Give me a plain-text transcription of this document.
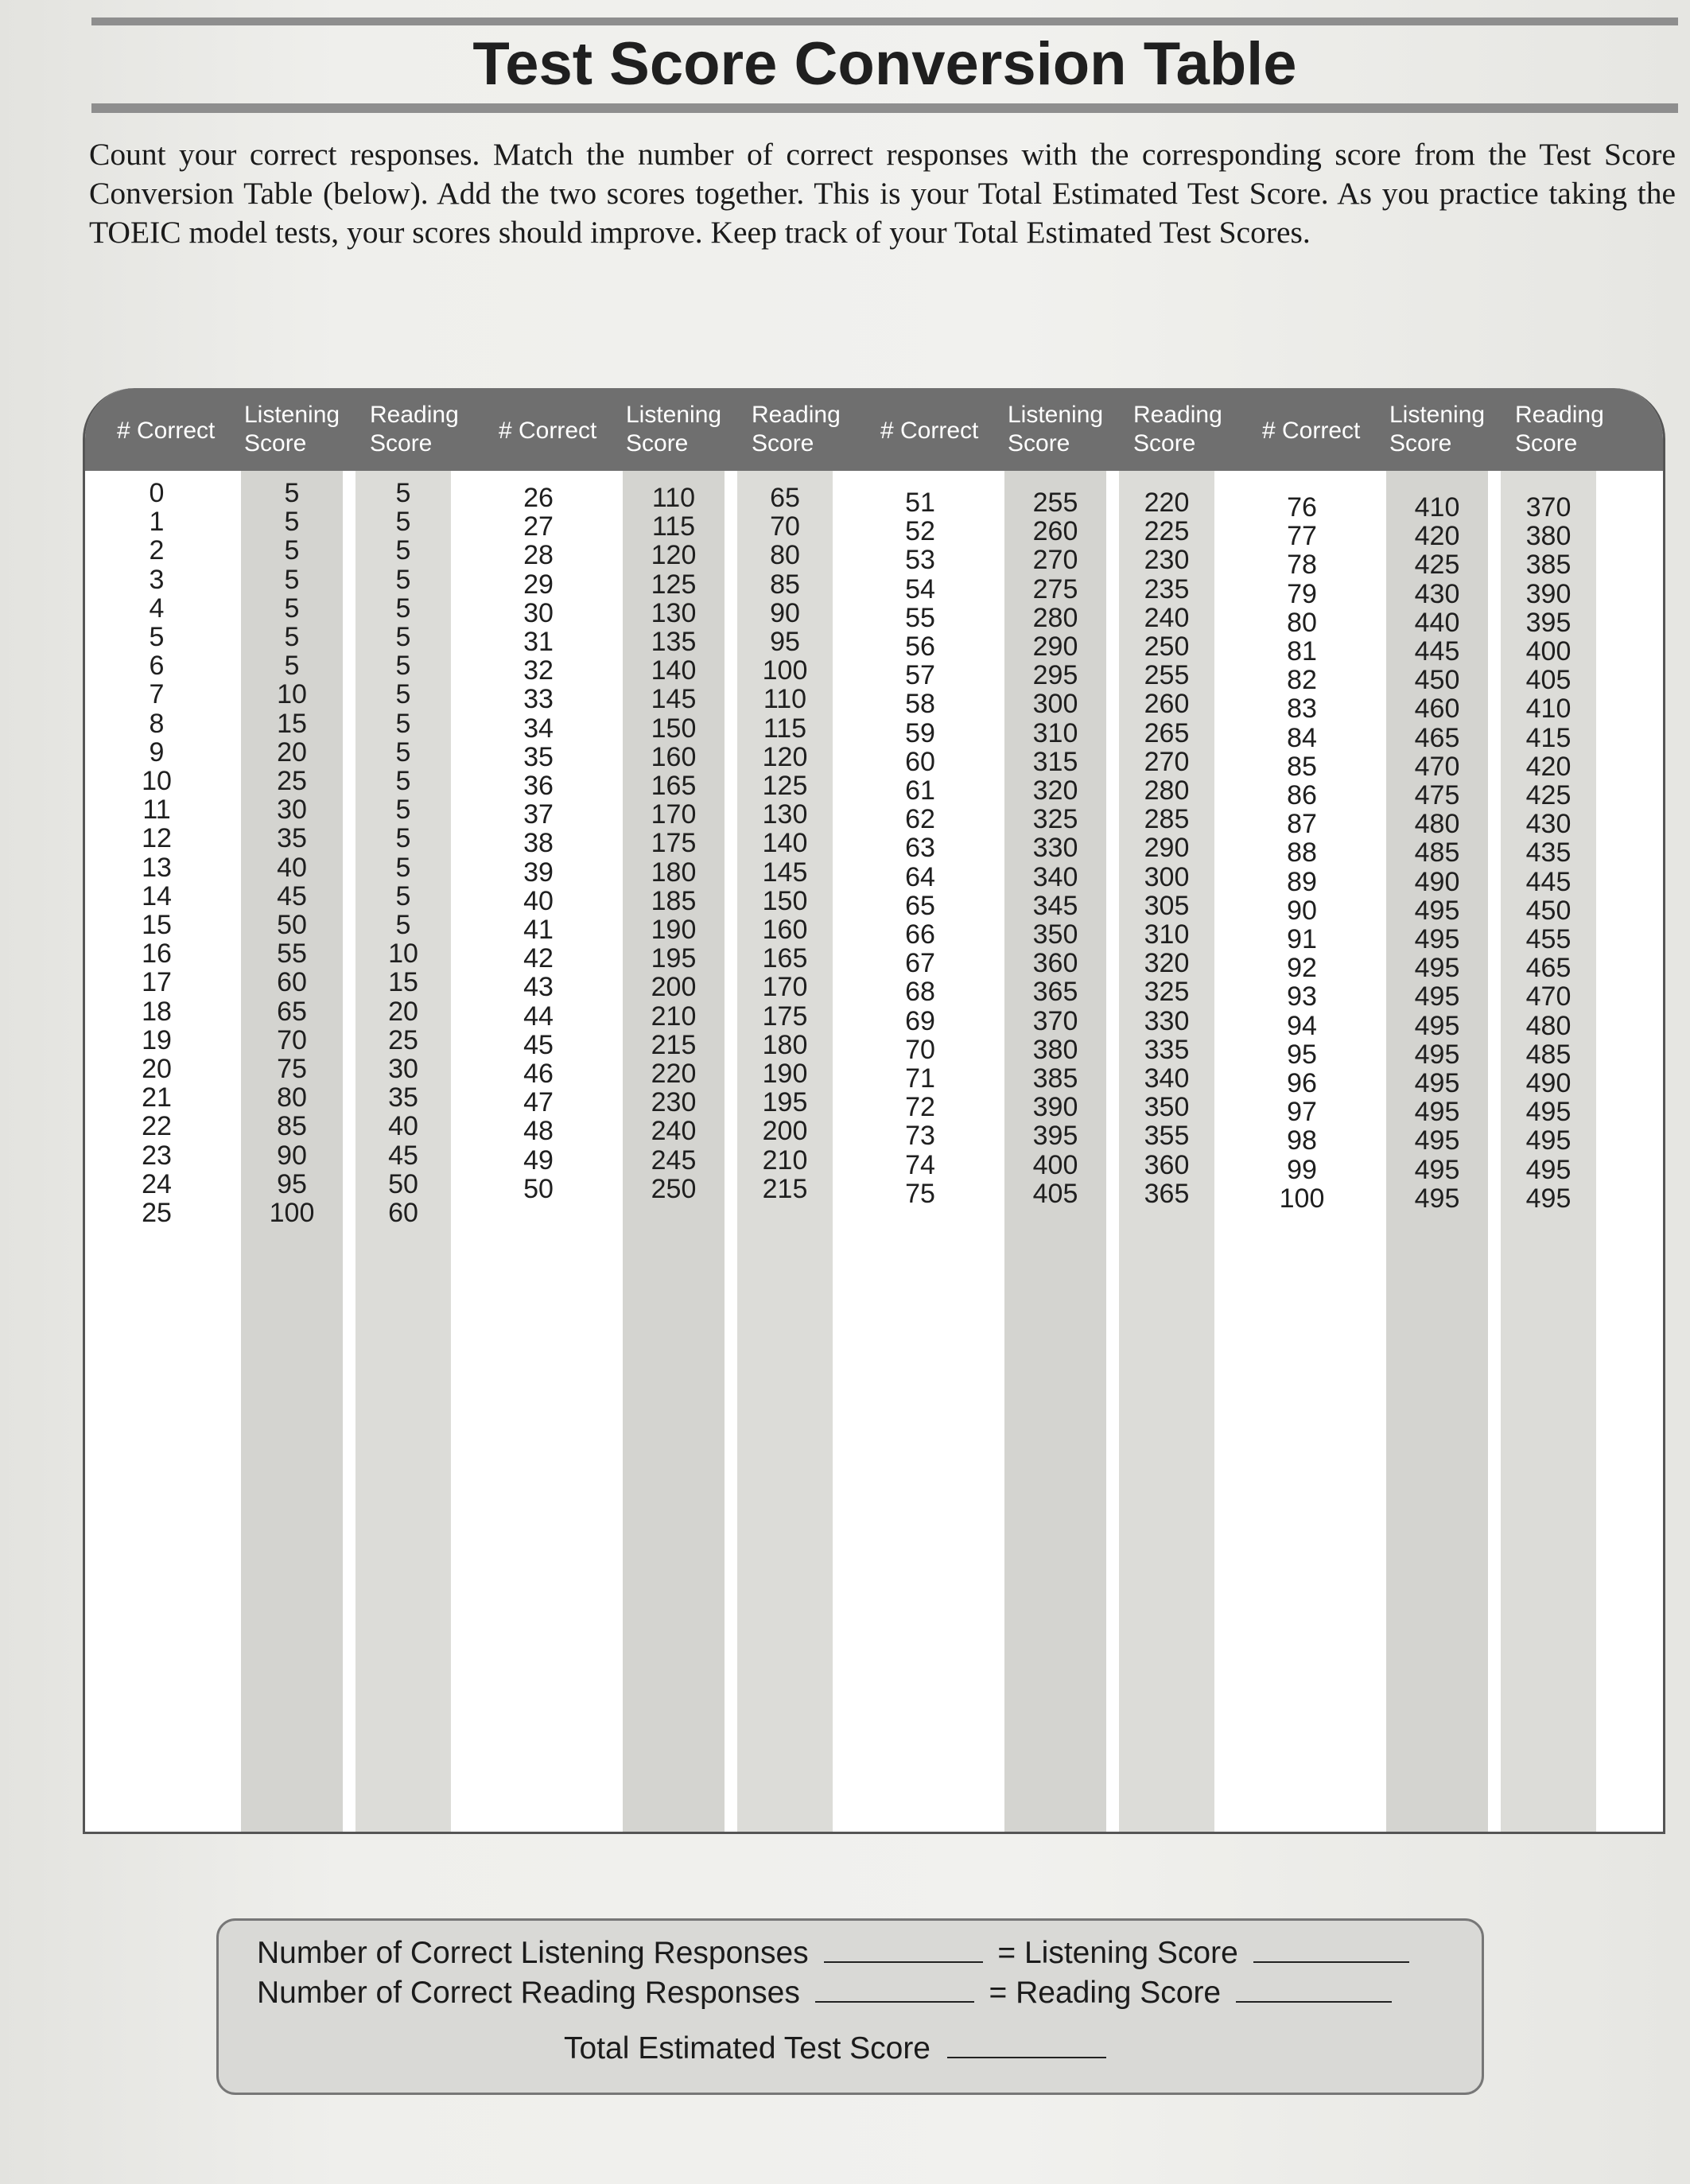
Test Score Conversion Table

Count your correct responses. Match the number of correct responses with the corresponding score from the Test Score Conversion Table (below). Add the two scores together. This is your Total Estimated Test Score. As you practice taking the TOEIC model tests, your scores should improve. Keep track of your Total Estimated Test Scores.

# Correct
Listening
Score
Reading
Score
0
1
2
3
4
5
6
7
8
9
10
11
12
13
14
15
16
17
18
19
20
21
22
23
24
25
5
5
5
5
5
5
5
10
15
20
25
30
35
40
45
50
55
60
65
70
75
80
85
90
95
100
5
5
5
5
5
5
5
5
5
5
5
5
5
5
5
5
10
15
20
25
30
35
40
45
50
60
# Correct
Listening
Score
Reading
Score
26
27
28
29
30
31
32
33
34
35
36
37
38
39
40
41
42
43
44
45
46
47
48
49
50
110
115
120
125
130
135
140
145
150
160
165
170
175
180
185
190
195
200
210
215
220
230
240
245
250
65
70
80
85
90
95
100
110
115
120
125
130
140
145
150
160
165
170
175
180
190
195
200
210
215
# Correct
Listening
Score
Reading
Score
51
52
53
54
55
56
57
58
59
60
61
62
63
64
65
66
67
68
69
70
71
72
73
74
75
255
260
270
275
280
290
295
300
310
315
320
325
330
340
345
350
360
365
370
380
385
390
395
400
405
220
225
230
235
240
250
255
260
265
270
280
285
290
300
305
310
320
325
330
335
340
350
355
360
365
# Correct
Listening
Score
Reading
Score
76
77
78
79
80
81
82
83
84
85
86
87
88
89
90
91
92
93
94
95
96
97
98
99
100
410
420
425
430
440
445
450
460
465
470
475
480
485
490
495
495
495
495
495
495
495
495
495
495
495
370
380
385
390
395
400
405
410
415
420
425
430
435
445
450
455
465
470
480
485
490
495
495
495
495
Number of Correct Listening Responses	= Listening Score
Number of Correct Reading Responses	= Reading Score
Total Estimated Test Score
